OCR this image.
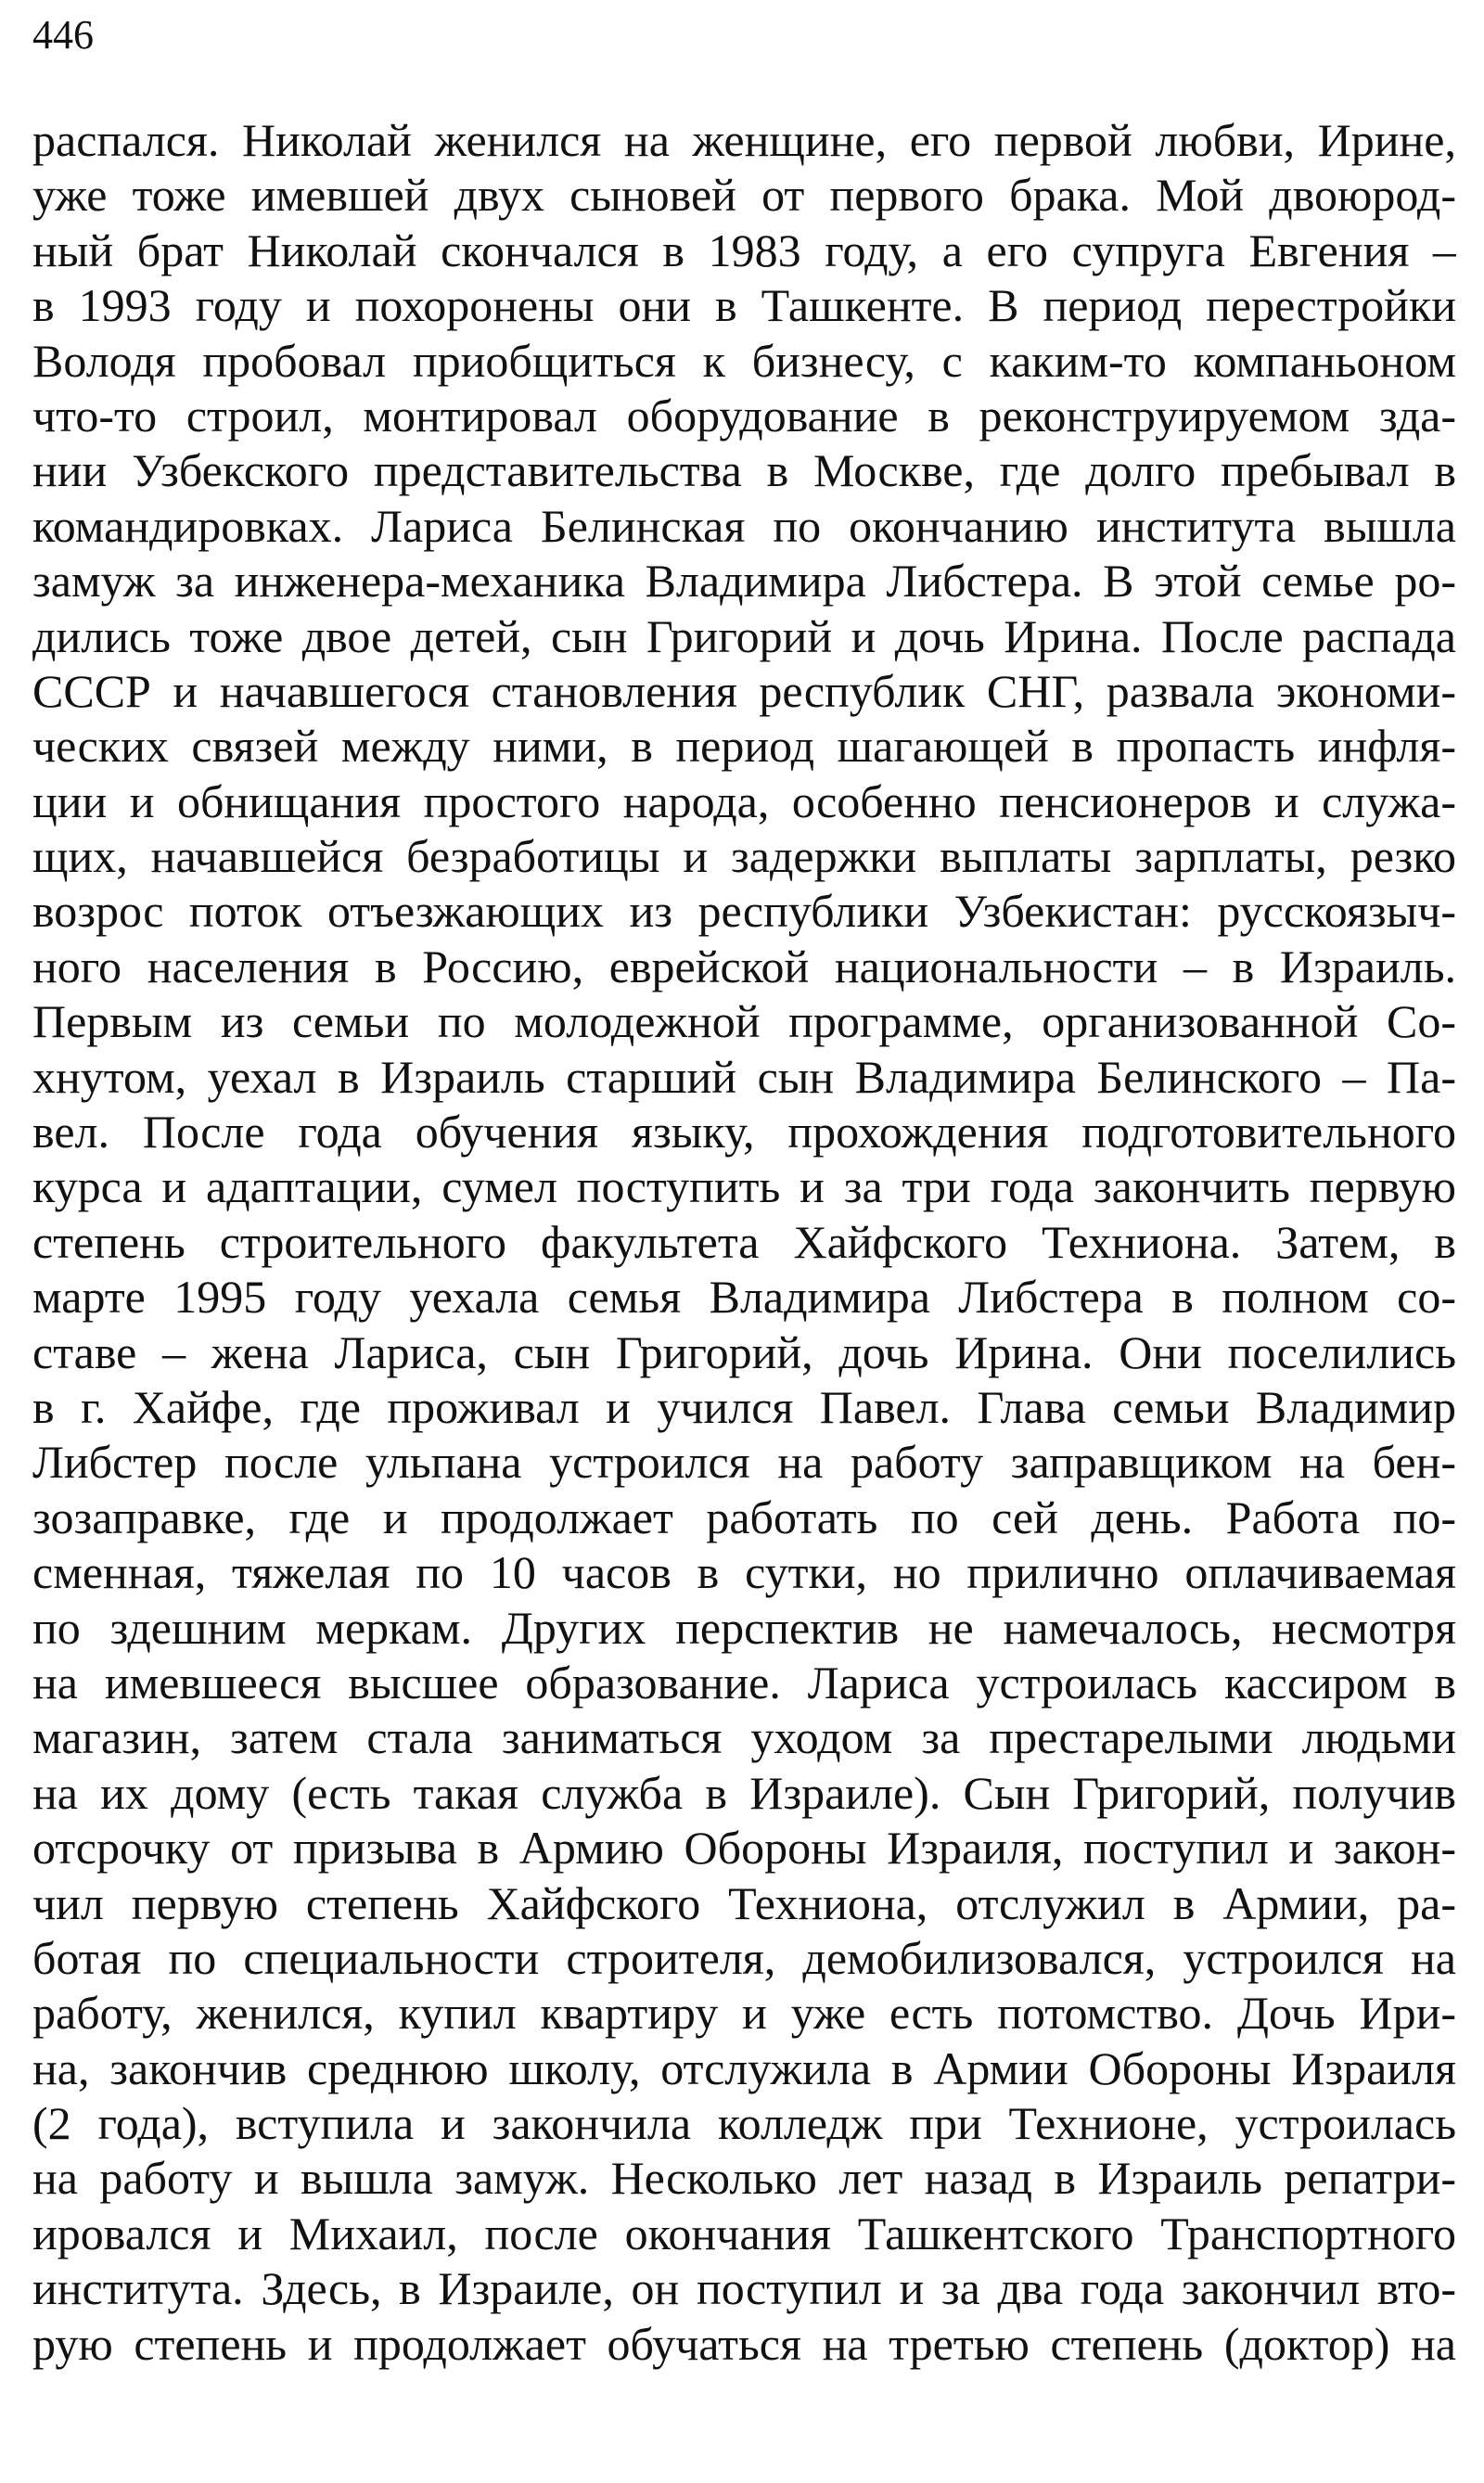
446
распался. Николай женился на женщине, его первой любви, Ирине,
уже тоже имевшей двух сыновей от первого брака. Мой двоюрод-
ный брат Николай скончался в 1983 году, а его супруга Евгения –
в 1993 году и похоронены они в Ташкенте. В период перестройки
Володя пробовал приобщиться к бизнесу, с каким-то компаньоном
что-то строил, монтировал оборудование в реконструируемом зда-
нии Узбекского представительства в Москве, где долго пребывал в
командировках. Лариса Белинская по окончанию института вышла
замуж за инженера-механика Владимира Либстера. В этой семье ро-
дились тоже двое детей, сын Григорий и дочь Ирина. После распада
СССР и начавшегося становления республик СНГ, развала экономи-
ческих связей между ними, в период шагающей в пропасть инфля-
ции и обнищания простого народа, особенно пенсионеров и служа-
щих, начавшейся безработицы и задержки выплаты зарплаты, резко
возрос поток отъезжающих из республики Узбекистан: русскоязыч-
ного населения в Россию, еврейской национальности – в Израиль.
Первым из семьи по молодежной программе, организованной Со-
хнутом, уехал в Израиль старший сын Владимира Белинского – Па-
вел. После года обучения языку, прохождения подготовительного
курса и адаптации, сумел поступить и за три года закончить первую
степень строительного факультета Хайфского Техниона. Затем, в
марте 1995 году уехала семья Владимира Либстера в полном со-
ставе – жена Лариса, сын Григорий, дочь Ирина. Они поселились
в г. Хайфе, где проживал и учился Павел. Глава семьи Владимир
Либстер после ульпана устроился на работу заправщиком на бен-
зозаправке, где и продолжает работать по сей день. Работа по-
сменная, тяжелая по 10 часов в сутки, но прилично оплачиваемая
по здешним меркам. Других перспектив не намечалось, несмотря
на имевшееся высшее образование. Лариса устроилась кассиром в
магазин, затем стала заниматься уходом за престарелыми людьми
на их дому (есть такая служба в Израиле). Сын Григорий, получив
отсрочку от призыва в Армию Обороны Израиля, поступил и закон-
чил первую степень Хайфского Техниона, отслужил в Армии, ра-
ботая по специальности строителя, демобилизовался, устроился на
работу, женился, купил квартиру и уже есть потомство. Дочь Ири-
на, закончив среднюю школу, отслужила в Армии Обороны Израиля
(2 года), вступила и закончила колледж при Технионе, устроилась
на работу и вышла замуж. Несколько лет назад в Израиль репатри-
ировался и Михаил, после окончания Ташкентского Транспортного
института. Здесь, в Израиле, он поступил и за два года закончил вто-
рую степень и продолжает обучаться на третью степень (доктор) на
